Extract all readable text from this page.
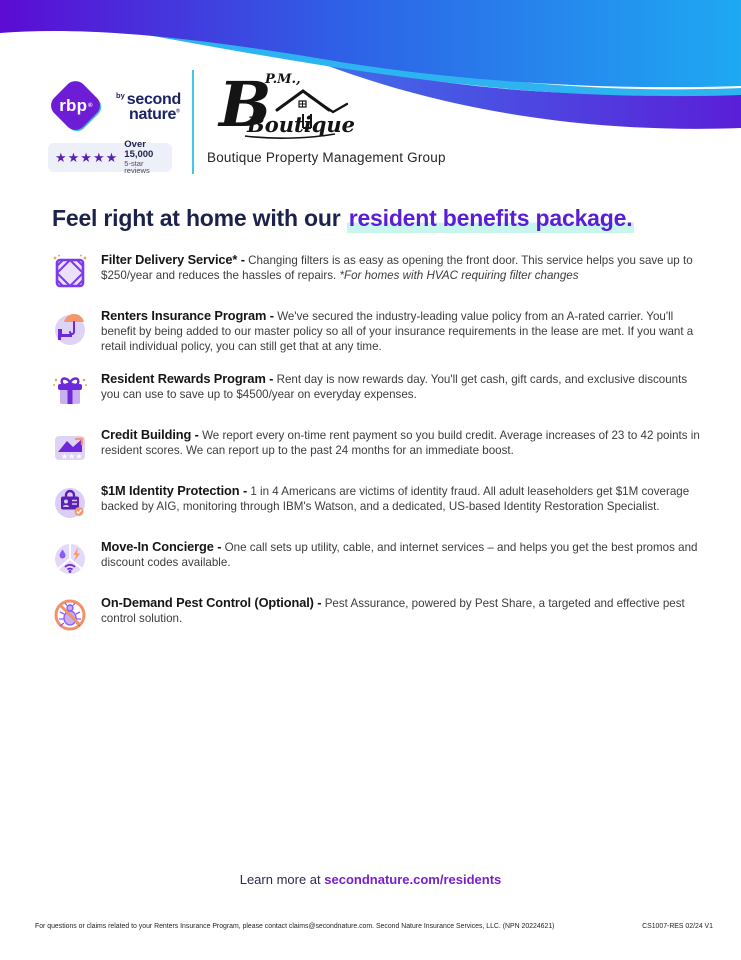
rbp ®
$^{by}$ second
nature®
★★★★★
Over 15,000
5-star reviews
B
P.M.,
Boutique
Boutique Property Management Group
Feel right at home with our resident benefits package.
Filter Delivery Service* - Changing filters is as easy as opening the front door. This service helps you save up to $250/year and reduces the hassles of repairs. *For homes with HVAC requiring filter changes
Renters Insurance Program - We've secured the industry-leading value policy from an A-rated carrier. You'll benefit by being added to our master policy so all of your insurance requirements in the lease are met. If you want a retail individual policy, you can still get that at any time.
Resident Rewards Program - Rent day is now rewards day. You'll get cash, gift cards, and exclusive discounts you can use to save up to $4500/year on everyday expenses.
★★★
Credit Building - We report every on-time rent payment so you build credit. Average increases of 23 to 42 points in resident scores. We can report up to the past 24 months for an immediate boost.
$1M Identity Protection - 1 in 4 Americans are victims of identity fraud. All adult leaseholders get $1M coverage backed by AIG, monitoring through IBM's Watson, and a dedicated, US-based Identity Restoration Specialist.
Move-In Concierge - One call sets up utility, cable, and internet services – and helps you get the best promos and discount codes available.
On-Demand Pest Control (Optional) - Pest Assurance, powered by Pest Share, a targeted and effective pest control solution.
Learn more at secondnature.com/residents
For questions or claims related to your Renters Insurance Program, please contact claims@secondnature.com. Second Nature Insurance Services, LLC. (NPN 20224621)	CS1007-RES 02/24 V1
